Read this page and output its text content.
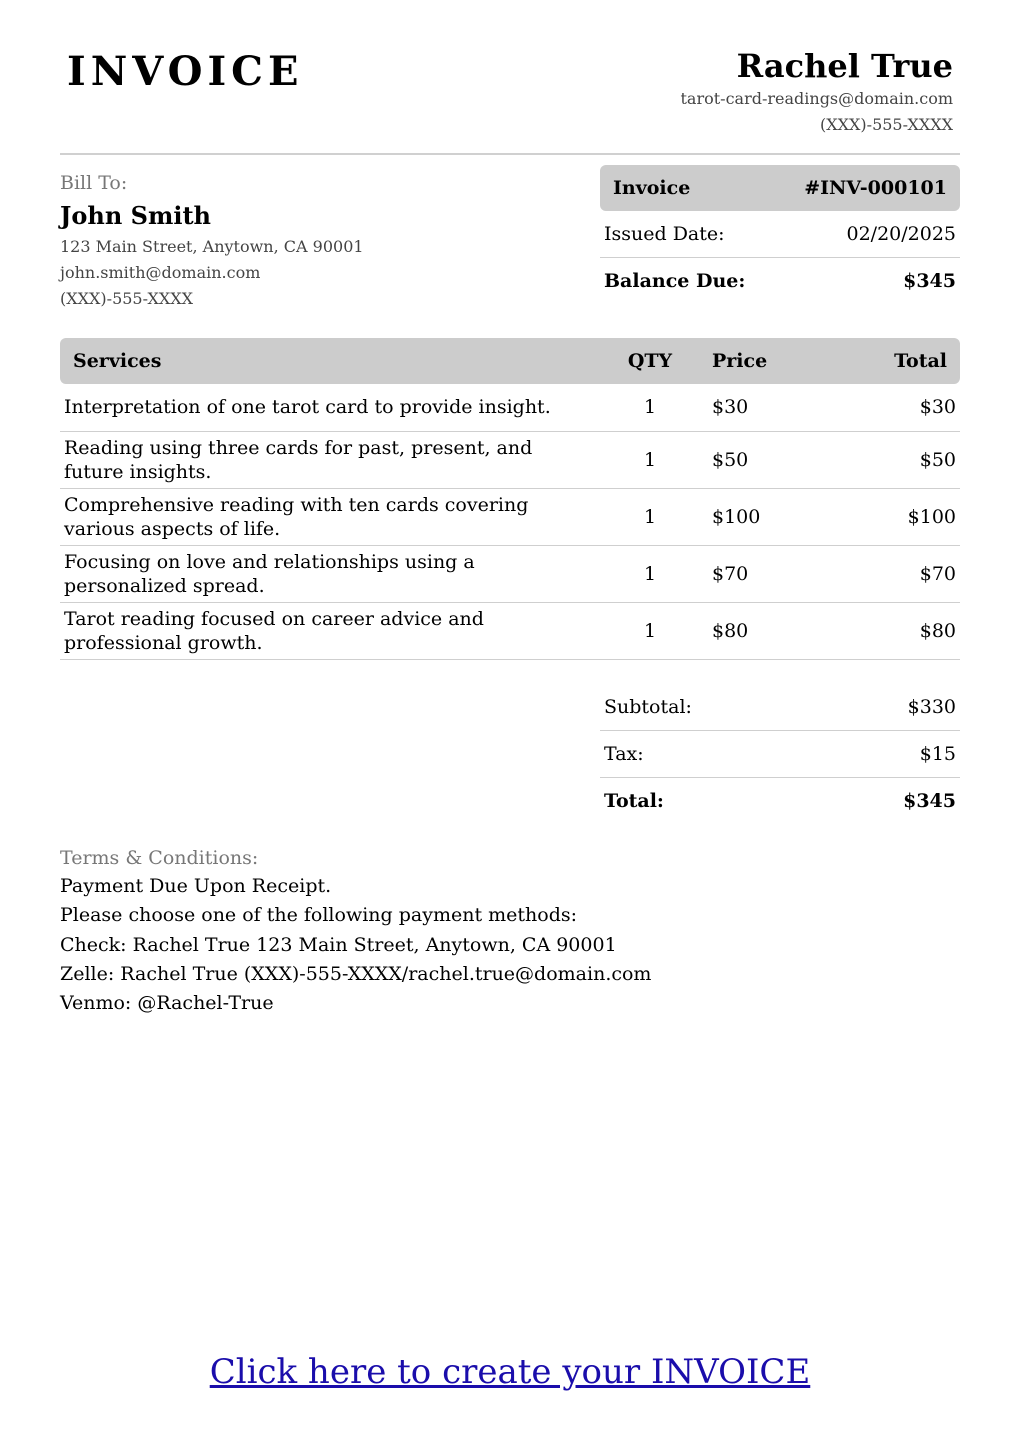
INVOICE	Rachel True
tarot-card-readings@domain.com
(XXX)-555-XXXX
Bill To:
John Smith
123 Main Street, Anytown, CA 90001
john.smith@domain.com
(XXX)-555-XXXX
Invoice	#INV-000101
Issued Date:	02/20/2025
Balance Due:	$345
Services	QTY	Price	Total
Interpretation of one tarot card to provide insight.	1	$30	$30
Reading using three cards for past, present, and future insights.	1	$50	$50
Comprehensive reading with ten cards covering various aspects of life.	1	$100	$100
Focusing on love and relationships using a personalized spread.	1	$70	$70
Tarot reading focused on career advice and professional growth.	1	$80	$80
Subtotal:	$330
Tax:	$15
Total:	$345
Terms & Conditions:
Payment Due Upon Receipt.
Please choose one of the following payment methods:
Check: Rachel True 123 Main Street, Anytown, CA 90001
Zelle: Rachel True (XXX)-555-XXXX/rachel.true@domain.com
Venmo: @Rachel-True
Click here to create your INVOICE
